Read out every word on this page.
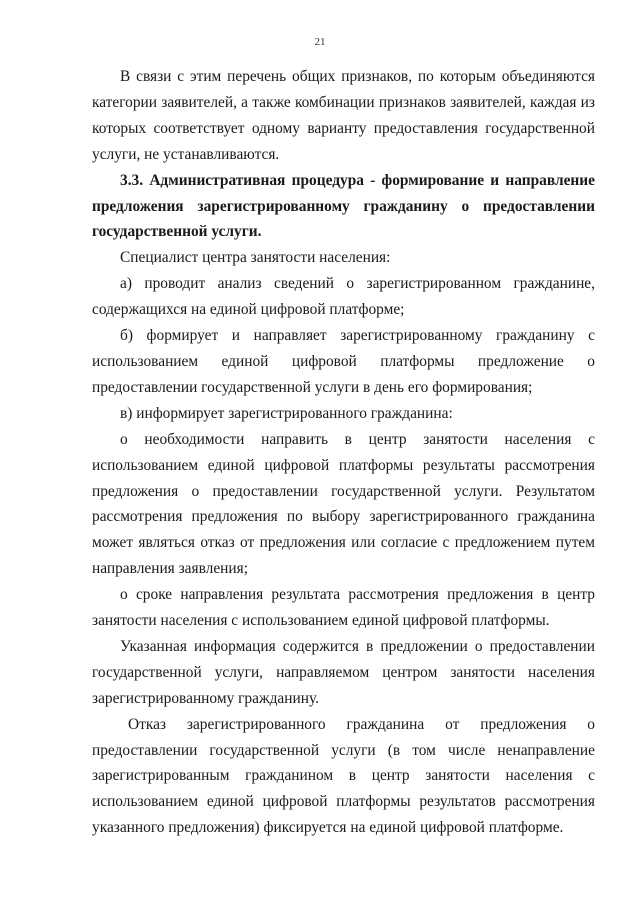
21

В связи с этим перечень общих признаков, по которым объединяются категории заявителей, а также комбинации признаков заявителей, каждая из которых соответствует одному варианту предоставления государственной услуги, не устанавливаются.

3.3. Административная процедура - формирование и направление предложения зарегистрированному гражданину о предоставлении государственной услуги.

Специалист центра занятости населения:

а) проводит анализ сведений о зарегистрированном гражданине, содержащихся на единой цифровой платформе;

б) формирует и направляет зарегистрированному гражданину с использованием единой цифровой платформы предложение о предоставлении государственной услуги в день его формирования;

в) информирует зарегистрированного гражданина:

о необходимости направить в центр занятости населения с использованием единой цифровой платформы результаты рассмотрения предложения о предоставлении государственной услуги. Результатом рассмотрения предложения по выбору зарегистрированного гражданина может являться отказ от предложения или согласие с предложением путем направления заявления;

о сроке направления результата рассмотрения предложения в центр занятости населения с использованием единой цифровой платформы.

Указанная информация содержится в предложении о предоставлении государственной услуги, направляемом центром занятости населения зарегистрированному гражданину.

Отказ зарегистрированного гражданина от предложения о предоставлении государственной услуги (в том числе ненаправление зарегистрированным гражданином в центр занятости населения с использованием единой цифровой платформы результатов рассмотрения указанного предложения) фиксируется на единой цифровой платформе.
